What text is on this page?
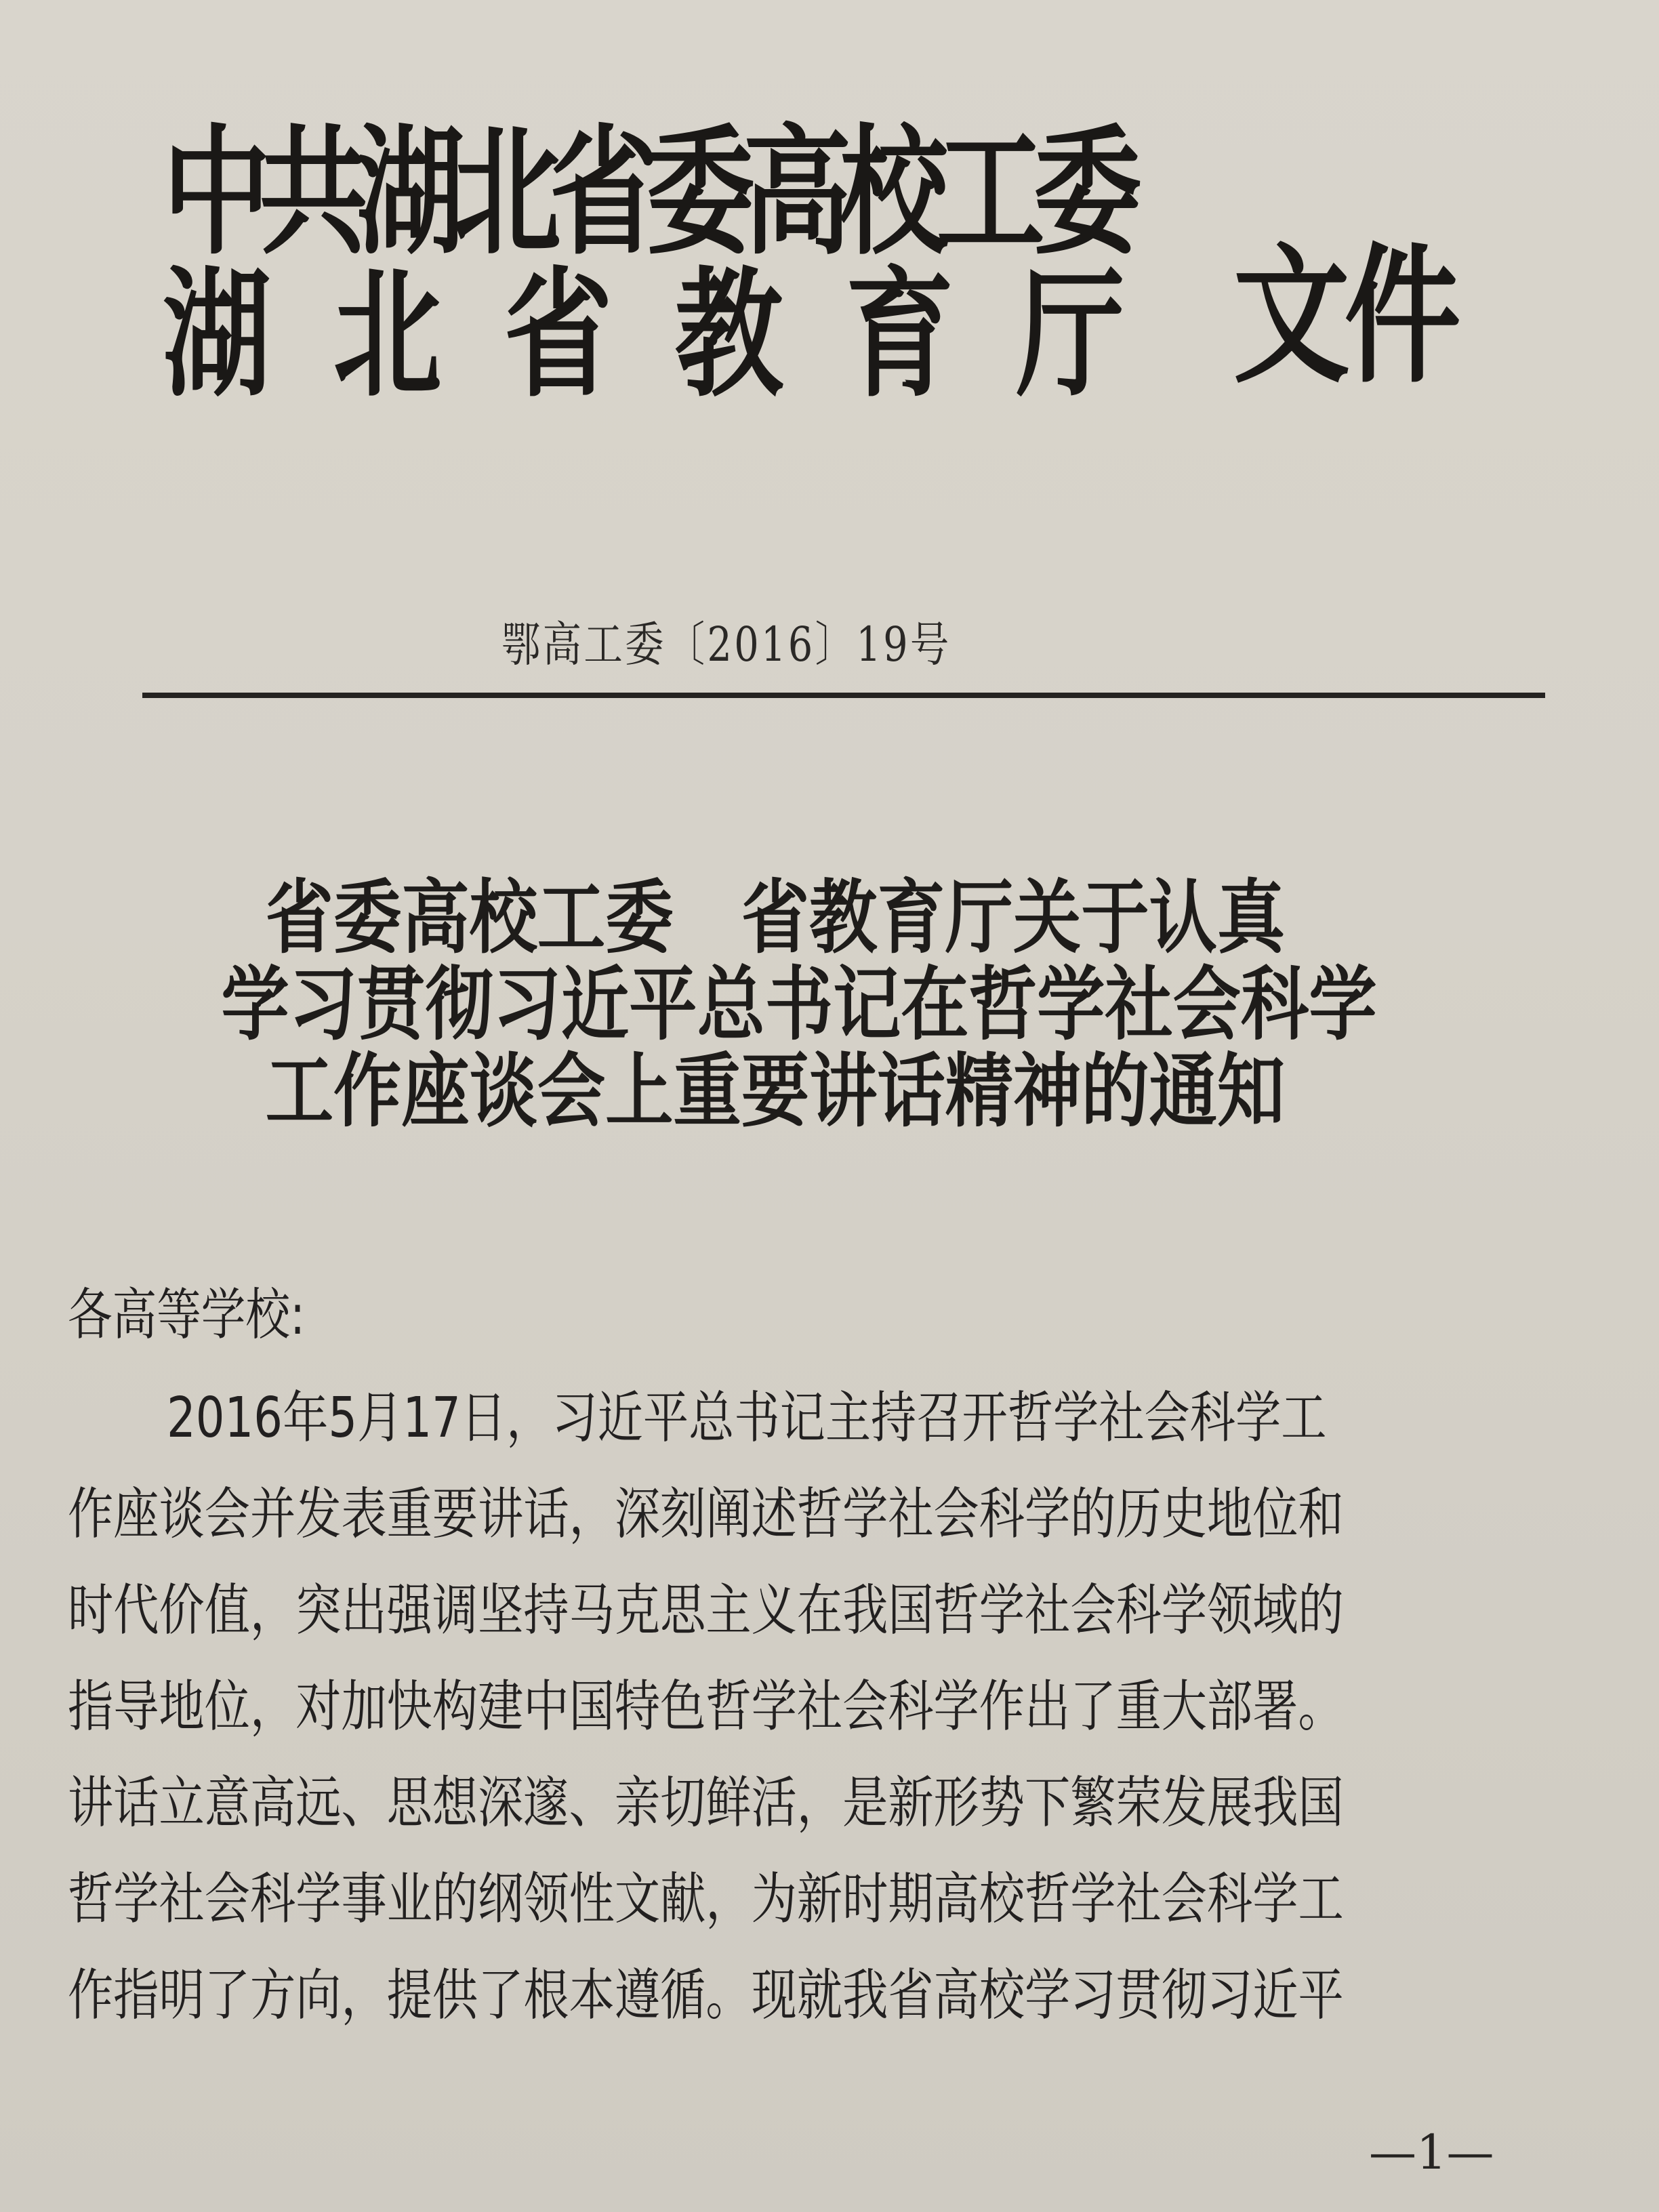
中共湖北省委高校工委
湖北省教育厅 文件
鄂高工委〔2016〕19号
省委高校工委　省教育厅关于认真
学习贯彻习近平总书记在哲学社会科学
工作座谈会上重要讲话精神的通知
各高等学校:
2016年5月17日，习近平总书记主持召开哲学社会科学工
作座谈会并发表重要讲话，深刻阐述哲学社会科学的历史地位和
时代价值，突出强调坚持马克思主义在我国哲学社会科学领域的
指导地位，对加快构建中国特色哲学社会科学作出了重大部署。
讲话立意高远、思想深邃、亲切鲜活，是新形势下繁荣发展我国
哲学社会科学事业的纲领性文献，为新时期高校哲学社会科学工
作指明了方向，提供了根本遵循。现就我省高校学习贯彻习近平
—1—
